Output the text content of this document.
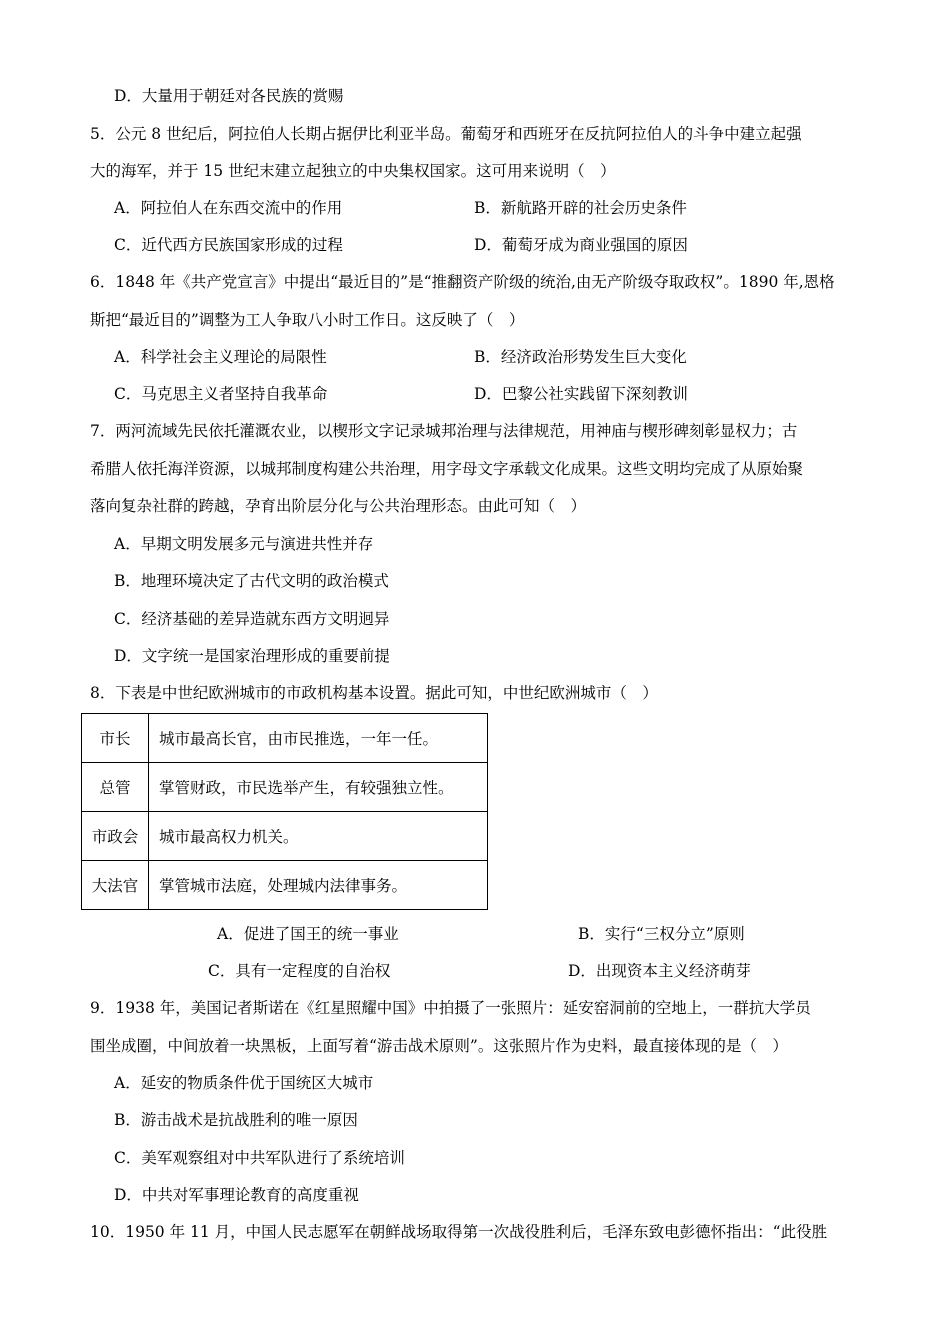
D．大量用于朝廷对各民族的赏赐
5．公元 8 世纪后，阿拉伯人长期占据伊比利亚半岛。葡萄牙和西班牙在反抗阿拉伯人的斗争中建立起强
大的海军，并于 15 世纪末建立起独立的中央集权国家。这可用来说明（　）
A．阿拉伯人在东西交流中的作用	B．新航路开辟的社会历史条件
C．近代西方民族国家形成的过程	D．葡萄牙成为商业强国的原因
6．1848 年《共产党宣言》中提出“最近目的”是“推翻资产阶级的统治,由无产阶级夺取政权”。1890 年,恩格
斯把“最近目的”调整为工人争取八小时工作日。这反映了（　）
A．科学社会主义理论的局限性	B．经济政治形势发生巨大变化
C．马克思主义者坚持自我革命	D．巴黎公社实践留下深刻教训
7．两河流域先民依托灌溉农业，以楔形文字记录城邦治理与法律规范，用神庙与楔形碑刻彰显权力；古
希腊人依托海洋资源，以城邦制度构建公共治理，用字母文字承载文化成果。这些文明均完成了从原始聚
落向复杂社群的跨越，孕育出阶层分化与公共治理形态。由此可知（　）
A．早期文明发展多元与演进共性并存
B．地理环境决定了古代文明的政治模式
C．经济基础的差异造就东西方文明迥异
D．文字统一是国家治理形成的重要前提
8．下表是中世纪欧洲城市的市政机构基本设置。据此可知，中世纪欧洲城市（　）
市长	城市最高长官，由市民推选，一年一任。
总管	掌管财政，市民选举产生，有较强独立性。
市政会	城市最高权力机关。
大法官	掌管城市法庭，处理城内法律事务。
A．促进了国王的统一事业	B．实行“三权分立”原则
C．具有一定程度的自治权	D．出现资本主义经济萌芽
9．1938 年，美国记者斯诺在《红星照耀中国》中拍摄了一张照片：延安窑洞前的空地上，一群抗大学员
围坐成圈，中间放着一块黑板，上面写着“游击战术原则”。这张照片作为史料，最直接体现的是（　）
A．延安的物质条件优于国统区大城市
B．游击战术是抗战胜利的唯一原因
C．美军观察组对中共军队进行了系统培训
D．中共对军事理论教育的高度重视
10．1950 年 11 月，中国人民志愿军在朝鲜战场取得第一次战役胜利后，毛泽东致电彭德怀指出：“此役胜
